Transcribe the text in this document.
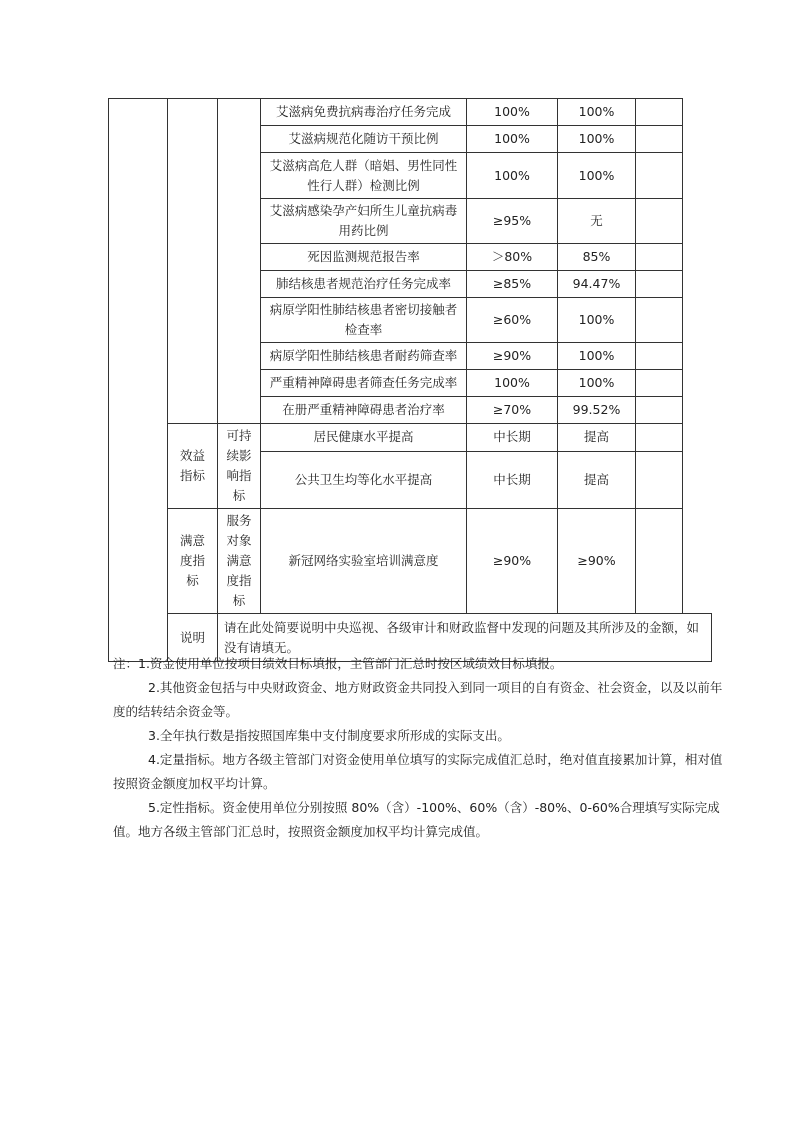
			艾滋病免费抗病毒治疗任务完成	100%	100%	
			艾滋病规范化随访干预比例	100%	100%	
			艾滋病高危人群（暗娼、男性同性性行人群）检测比例	100%	100%	
			艾滋病感染孕产妇所生儿童抗病毒用药比例	≥95%	无	
			死因监测规范报告率	＞80%	85%	
			肺结核患者规范治疗任务完成率	≥85%	94.47%	
			病原学阳性肺结核患者密切接触者检查率	≥60%	100%	
			病原学阳性肺结核患者耐药筛查率	≥90%	100%	
			严重精神障碍患者筛查任务完成率	100%	100%	
			在册严重精神障碍患者治疗率	≥70%	99.52%	
	效益指标	可持续影响指标	居民健康水平提高	中长期	提高	
			公共卫生均等化水平提高	中长期	提高	
	满意度指标	服务对象满意度指标	新冠网络实验室培训满意度	≥90%	≥90%	
	说明	请在此处简要说明中央巡视、各级审计和财政监督中发现的问题及其所涉及的金额，如没有请填无。				

注：1.资金使用单位按项目绩效目标填报，主管部门汇总时按区域绩效目标填报。

2.其他资金包括与中央财政资金、地方财政资金共同投入到同一项目的自有资金、社会资金，以及以前年度的结转结余资金等。

3.全年执行数是指按照国库集中支付制度要求所形成的实际支出。

4.定量指标。地方各级主管部门对资金使用单位填写的实际完成值汇总时，绝对值直接累加计算，相对值按照资金额度加权平均计算。

5.定性指标。资金使用单位分别按照 80%（含）-100%、60%（含）-80%、0-60%合理填写实际完成值。地方各级主管部门汇总时，按照资金额度加权平均计算完成值。
